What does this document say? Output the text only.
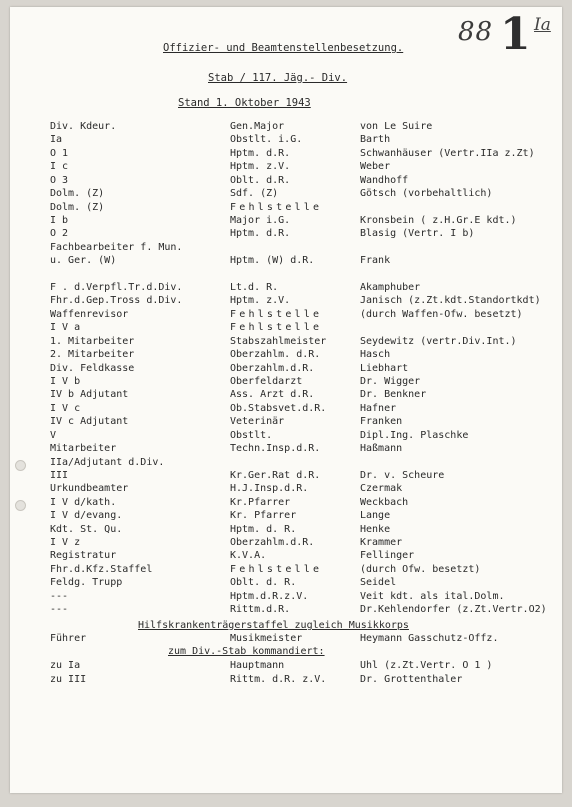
88 1 Ia
Offizier- und Beamtenstellenbesetzung.
Stab / 117. Jäg.- Div.
Stand 1. Oktober 1943
Div. Kdeur.	Gen.Major	von Le Suire
Ia	Obstlt. i.G.	Barth
O 1	Hptm. d.R.	Schwanhäuser (Vertr.IIa z.Zt)
I c	Hptm. z.V.	Weber
O 3	Oblt. d.R.	Wandhoff
Dolm. (Z)	Sdf. (Z)	Götsch (vorbehaltlich)
Dolm. (Z)	Fehlstelle
I b	Major i.G.	Kronsbein ( z.H.Gr.E kdt.)
O 2	Hptm. d.R.	Blasig (Vertr. I b)
Fachbearbeiter f. Mun.
u. Ger. (W)	Hptm. (W) d.R.	Frank
F . d.Verpfl.Tr.d.Div.	Lt.d. R.	Akamphuber
Fhr.d.Gep.Tross d.Div.	Hptm. z.V.	Janisch (z.Zt.kdt.Standortkdt)
Waffenrevisor	Fehlstelle	(durch Waffen-Ofw. besetzt)
I V a	Fehlstelle
1. Mitarbeiter	Stabszahlmeister	Seydewitz (vertr.Div.Int.)
2. Mitarbeiter	Oberzahlm. d.R.	Hasch
Div. Feldkasse	Oberzahlm.d.R.	Liebhart
I V b	Oberfeldarzt	Dr. Wigger
IV b Adjutant	Ass. Arzt d.R.	Dr. Benkner
I V c	Ob.Stabsvet.d.R.	Hafner
IV c Adjutant	Veterinär	Franken
V	Obstlt.	Dipl.Ing. Plaschke
Mitarbeiter	Techn.Insp.d.R.	Haßmann
IIa/Adjutant d.Div.
III	Kr.Ger.Rat d.R.	Dr. v. Scheure
Urkundbeamter	H.J.Insp.d.R.	Czermak
I V d/kath.	Kr.Pfarrer	Weckbach
I V d/evang.	Kr. Pfarrer	Lange
Kdt. St. Qu.	Hptm. d. R.	Henke
I V z	Oberzahlm.d.R.	Krammer
Registratur	K.V.A.	Fellinger
Fhr.d.Kfz.Staffel	Fehlstelle	(durch Ofw. besetzt)
Feldg. Trupp	Oblt. d. R.	Seidel
---	Hptm.d.R.z.V.	Veit kdt. als ital.Dolm.
---	Rittm.d.R.	Dr.Kehlendorfer (z.Zt.Vertr.O2)
Hilfskrankenträgerstaffel zugleich Musikkorps
Führer	Musikmeister	Heymann Gasschutz-Offz.
zum Div.-Stab kommandiert:
zu Ia	Hauptmann	Uhl (z.Zt.Vertr. O 1 )
zu III	Rittm. d.R. z.V.	Dr. Grottenthaler
